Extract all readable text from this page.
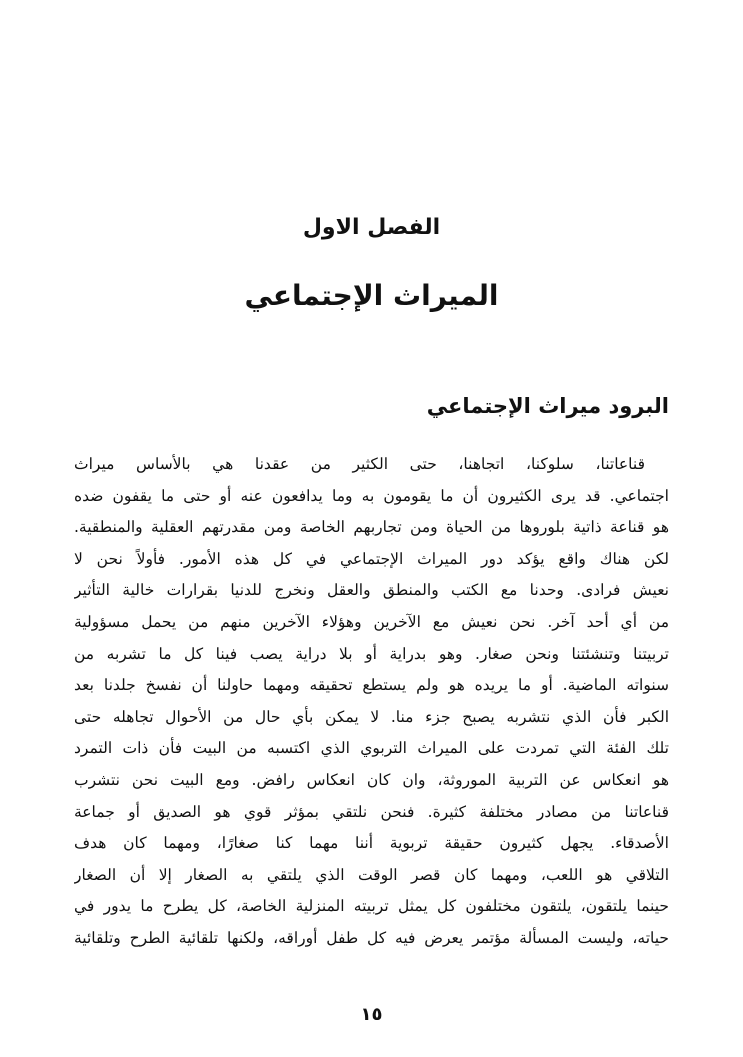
الفصل الاول
الميراث الإجتماعي
البرود ميراث الإجتماعي
قناعاتنا، سلوكنا، اتجاهنا، حتى الكثير من عقدنا هي بالأساس ميراث
اجتماعي. قد يرى الكثيرون أن ما يقومون به وما يدافعون عنه أو حتى ما يقفون ضده
هو قناعة ذاتية بلوروها من الحياة ومن تجاربهم الخاصة ومن مقدرتهم العقلية والمنطقية.
لكن هناك واقع يؤكد دور الميراث الإجتماعي في كل هذه الأمور. فأولاً نحن لا
نعيش فرادى. وحدنا مع الكتب والمنطق والعقل ونخرج للدنيا بقرارات خالية التأثير
من أي أحد آخر. نحن نعيش مع الآخرين وهؤلاء الآخرين منهم من يحمل مسؤولية
تربيتنا وتنشئتنا ونحن صغار. وهو بدراية أو بلا دراية يصب فينا كل ما تشربه من
سنواته الماضية. أو ما يريده هو ولم يستطع تحقيقه ومهما حاولنا أن نفسخ جلدنا بعد
الكبر فأن الذي نتشربه يصبح جزء منا. لا يمكن بأي حال من الأحوال تجاهله حتى
تلك الفئة التي تمردت على الميراث التربوي الذي اكتسبه من البيت فأن ذات التمرد
هو انعكاس عن التربية الموروثة، وان كان انعكاس رافض. ومع البيت نحن نتشرب
قناعاتنا من مصادر مختلفة كثيرة. فنحن نلتقي بمؤثر قوي هو الصديق أو جماعة
الأصدقاء. يجهل كثيرون حقيقة تربوية أننا مهما كنا صغارًا، ومهما كان هدف
التلاقي هو اللعب، ومهما كان قصر الوقت الذي يلتقي به الصغار إلا أن الصغار
حينما يلتقون، يلتقون مختلفون كل يمثل تربيته المنزلية الخاصة، كل يطرح ما يدور في
حياته، وليست المسألة مؤتمر يعرض فيه كل طفل أوراقه، ولكنها تلقائية الطرح وتلقائية
١٥
